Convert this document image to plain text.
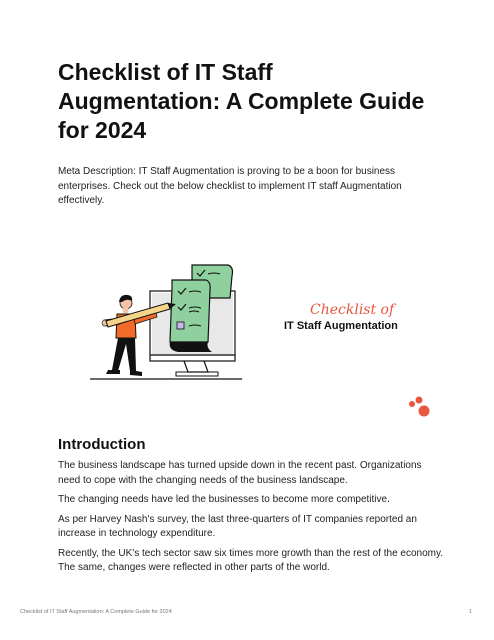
Checklist of IT Staff Augmentation: A Complete Guide for 2024

Meta Description: IT Staff Augmentation is proving to be a boon for business enterprises. Check out the below checklist to implement IT staff Augmentation effectively.

Checklist of
IT Staff Augmentation
Introduction

The business landscape has turned upside down in the recent past. Organizations need to cope with the changing needs of the business landscape.

The changing needs have led the businesses to become more competitive.

As per Harvey Nash's survey, the last three-quarters of IT companies reported an increase in technology expenditure.

Recently, the UK's tech sector saw six times more growth than the rest of the economy. The same, changes were reflected in other parts of the world.

Checklist of IT Staff Augmentation: A Complete Guide for 2024	1
